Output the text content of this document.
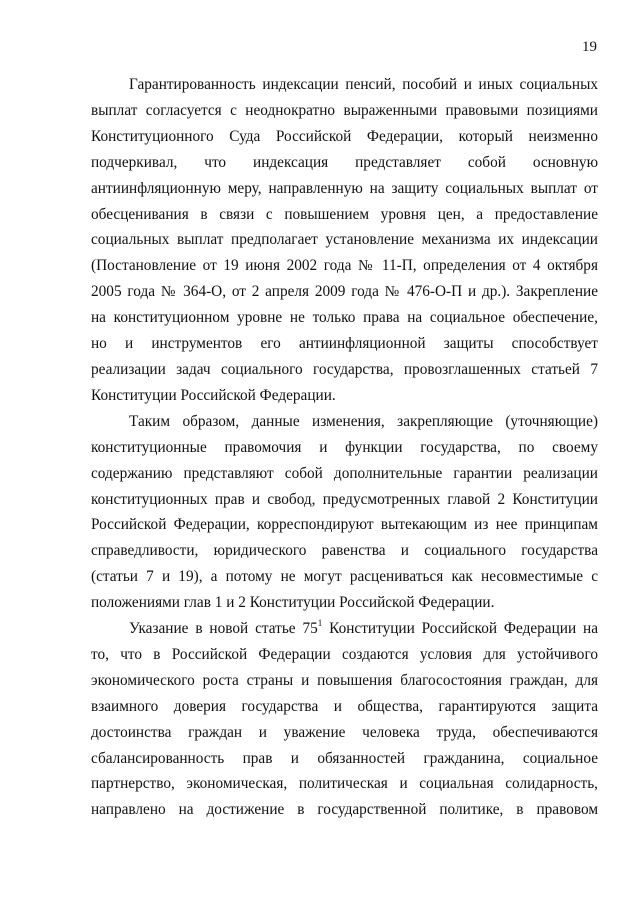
19
Гарантированность индексации пенсий, пособий и иных социальных
выплат согласуется с неоднократно выраженными правовыми позициями
Конституционного Суда Российской Федерации, который неизменно
подчеркивал, что индексация представляет собой основную
антиинфляционную меру, направленную на защиту социальных выплат от
обесценивания в связи с повышением уровня цен, а предоставление
социальных выплат предполагает установление механизма их индексации
(Постановление от 19 июня 2002 года № 11-П, определения от 4 октября
2005 года № 364-О, от 2 апреля 2009 года № 476-О-П и др.). Закрепление
на конституционном уровне не только права на социальное обеспечение,
но и инструментов его антиинфляционной защиты способствует
реализации задач социального государства, провозглашенных статьей 7
Конституции Российской Федерации.
Таким образом, данные изменения, закрепляющие (уточняющие)
конституционные правомочия и функции государства, по своему
содержанию представляют собой дополнительные гарантии реализации
конституционных прав и свобод, предусмотренных главой 2 Конституции
Российской Федерации, корреспондируют вытекающим из нее принципам
справедливости, юридического равенства и социального государства
(статьи 7 и 19), а потому не могут расцениваться как несовместимые с
положениями глав 1 и 2 Конституции Российской Федерации.
Указание в новой статье $75^1$ Конституции Российской Федерации на
то, что в Российской Федерации создаются условия для устойчивого
экономического роста страны и повышения благосостояния граждан, для
взаимного доверия государства и общества, гарантируются защита
достоинства граждан и уважение человека труда, обеспечиваются
сбалансированность прав и обязанностей гражданина, социальное
партнерство, экономическая, политическая и социальная солидарность,
направлено на достижение в государственной политике, в правовом
